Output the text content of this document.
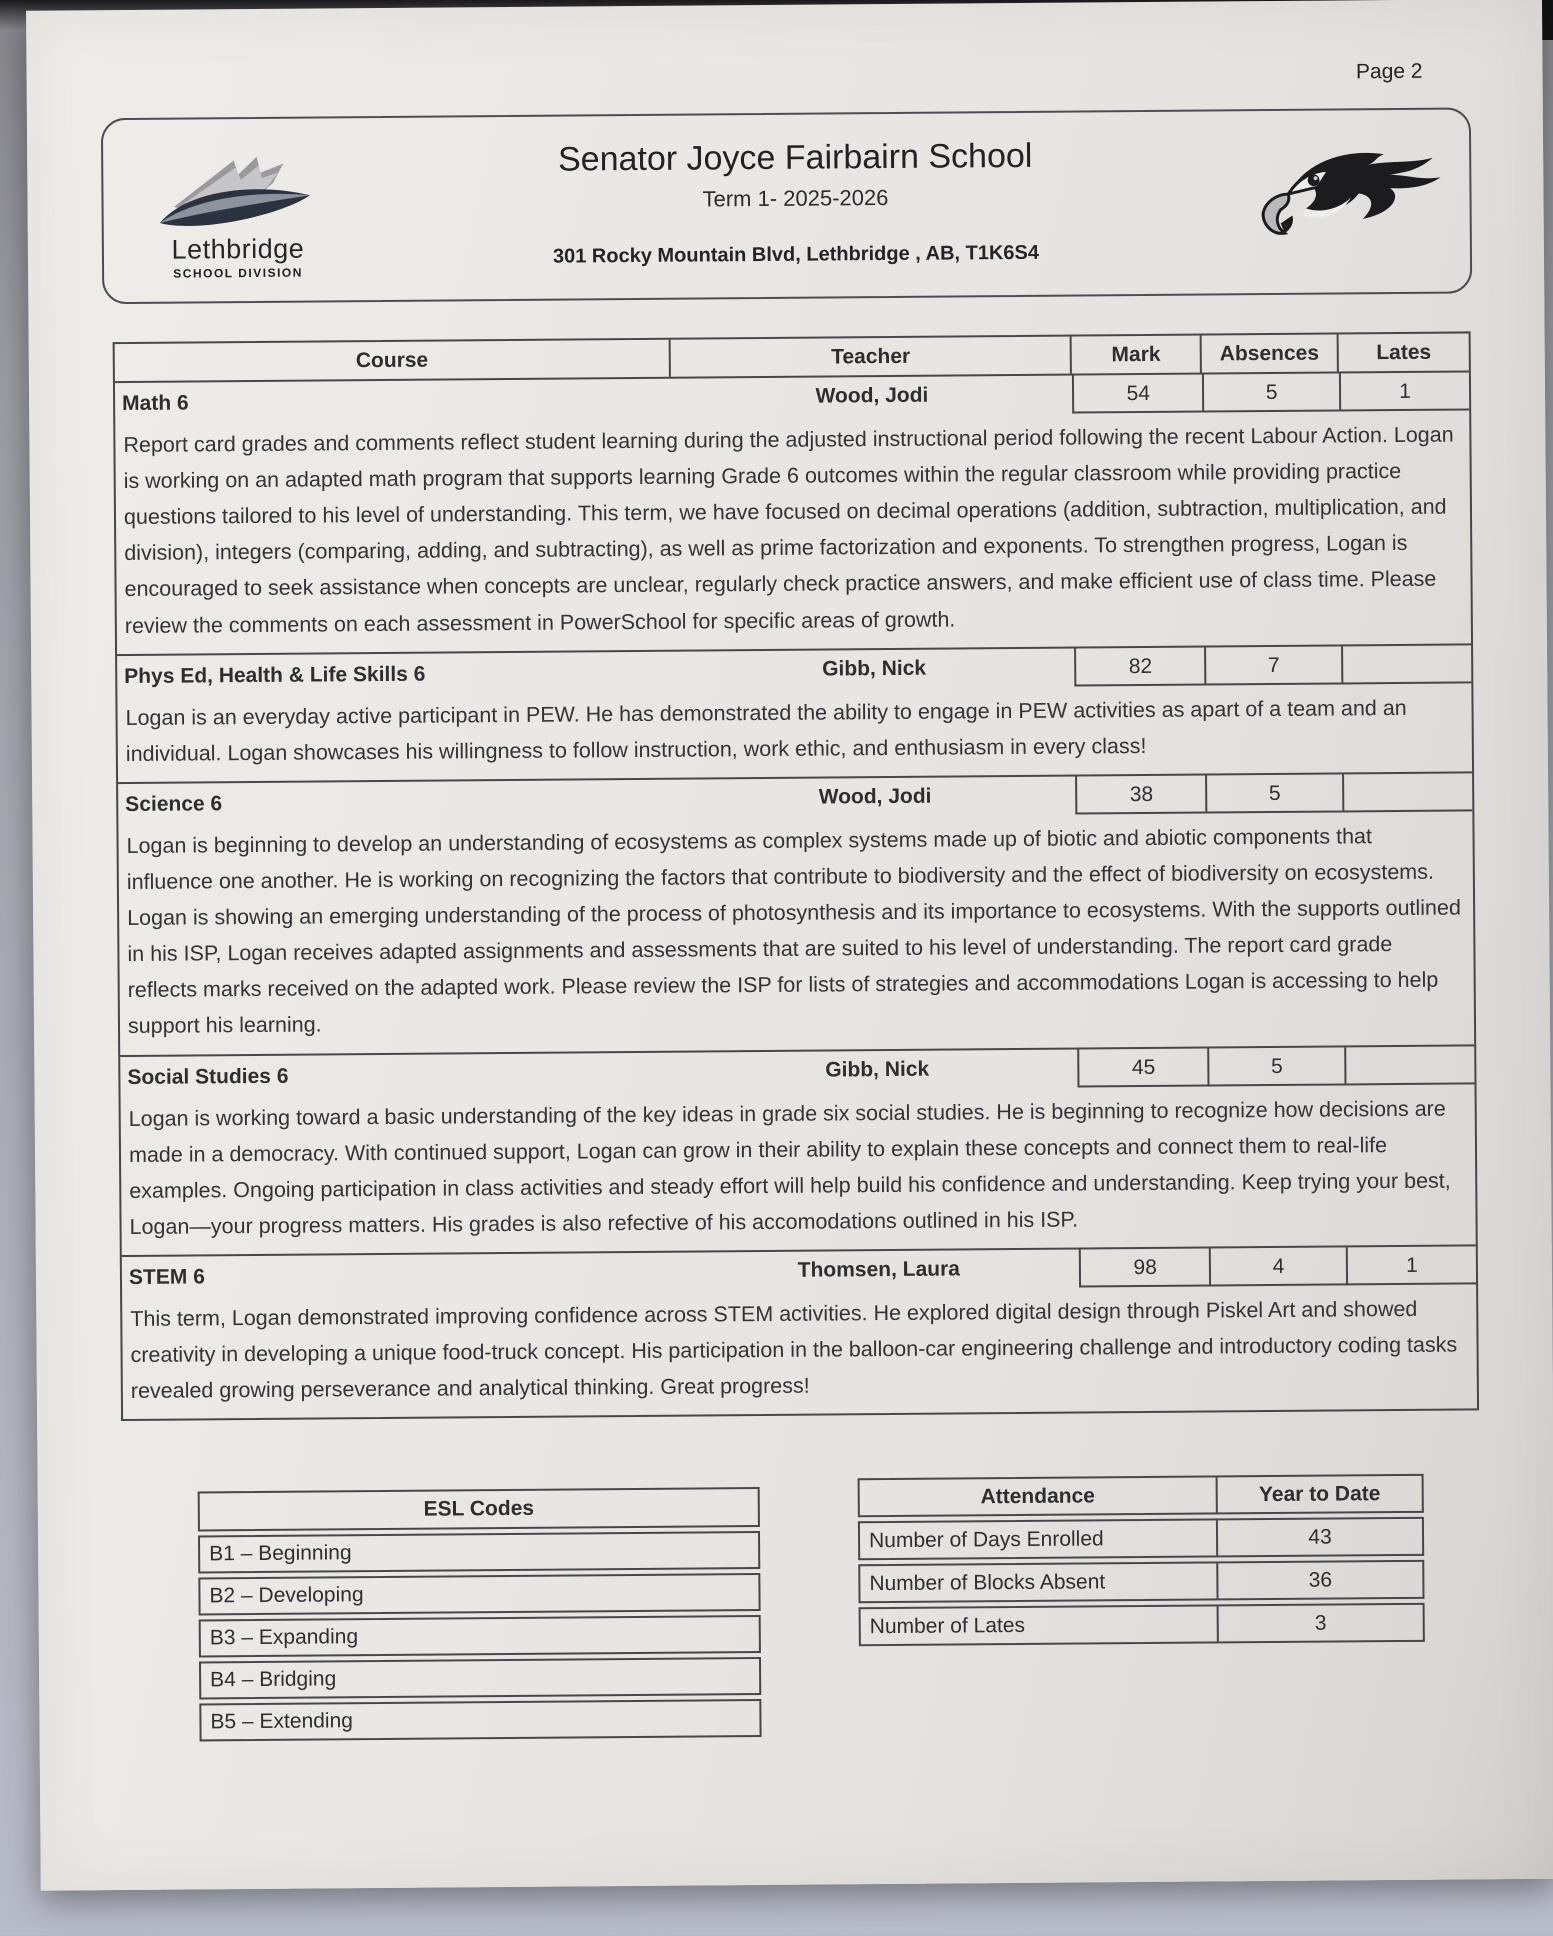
Page 2
Lethbridge
SCHOOL DIVISION
Senator Joyce Fairbairn School
Term 1- 2025-2026
301 Rocky Mountain Blvd, Lethbridge , AB, T1K6S4
Course	Teacher	Mark	Absences	Lates
Math 6	Wood, Jodi	54	5	1
Report card grades and comments reflect student learning during the adjusted instructional period following the recent Labour Action. Logan is working on an adapted math program that supports learning Grade 6 outcomes within the regular classroom while providing practice questions tailored to his level of understanding. This term, we have focused on decimal operations (addition, subtraction, multiplication, and division), integers (comparing, adding, and subtracting), as well as prime factorization and exponents. To strengthen progress, Logan is encouraged to seek assistance when concepts are unclear, regularly check practice answers, and make efficient use of class time. Please review the comments on each assessment in PowerSchool for specific areas of growth.
Phys Ed, Health & Life Skills 6	Gibb, Nick	82	7
Logan is an everyday active participant in PEW. He has demonstrated the ability to engage in PEW activities as apart of a team and an individual. Logan showcases his willingness to follow instruction, work ethic, and enthusiasm in every class!
Science 6	Wood, Jodi	38	5
Logan is beginning to develop an understanding of ecosystems as complex systems made up of biotic and abiotic components that influence one another. He is working on recognizing the factors that contribute to biodiversity and the effect of biodiversity on ecosystems. Logan is showing an emerging understanding of the process of photosynthesis and its importance to ecosystems. With the supports outlined in his ISP, Logan receives adapted assignments and assessments that are suited to his level of understanding. The report card grade reflects marks received on the adapted work. Please review the ISP for lists of strategies and accommodations Logan is accessing to help support his learning.
Social Studies 6	Gibb, Nick	45	5
Logan is working toward a basic understanding of the key ideas in grade six social studies. He is beginning to recognize how decisions are made in a democracy. With continued support, Logan can grow in their ability to explain these concepts and connect them to real-life examples. Ongoing participation in class activities and steady effort will help build his confidence and understanding. Keep trying your best, Logan—your progress matters. His grades is also refective of his accomodations outlined in his ISP.
STEM 6	Thomsen, Laura	98	4	1
This term, Logan demonstrated improving confidence across STEM activities. He explored digital design through Piskel Art and showed creativity in developing a unique food-truck concept. His participation in the balloon-car engineering challenge and introductory coding tasks revealed growing perseverance and analytical thinking. Great progress!
ESL Codes
B1 – Beginning
B2 – Developing
B3 – Expanding
B4 – Bridging
B5 – Extending
Attendance	Year to Date
Number of Days Enrolled	43
Number of Blocks Absent	36
Number of Lates	3
